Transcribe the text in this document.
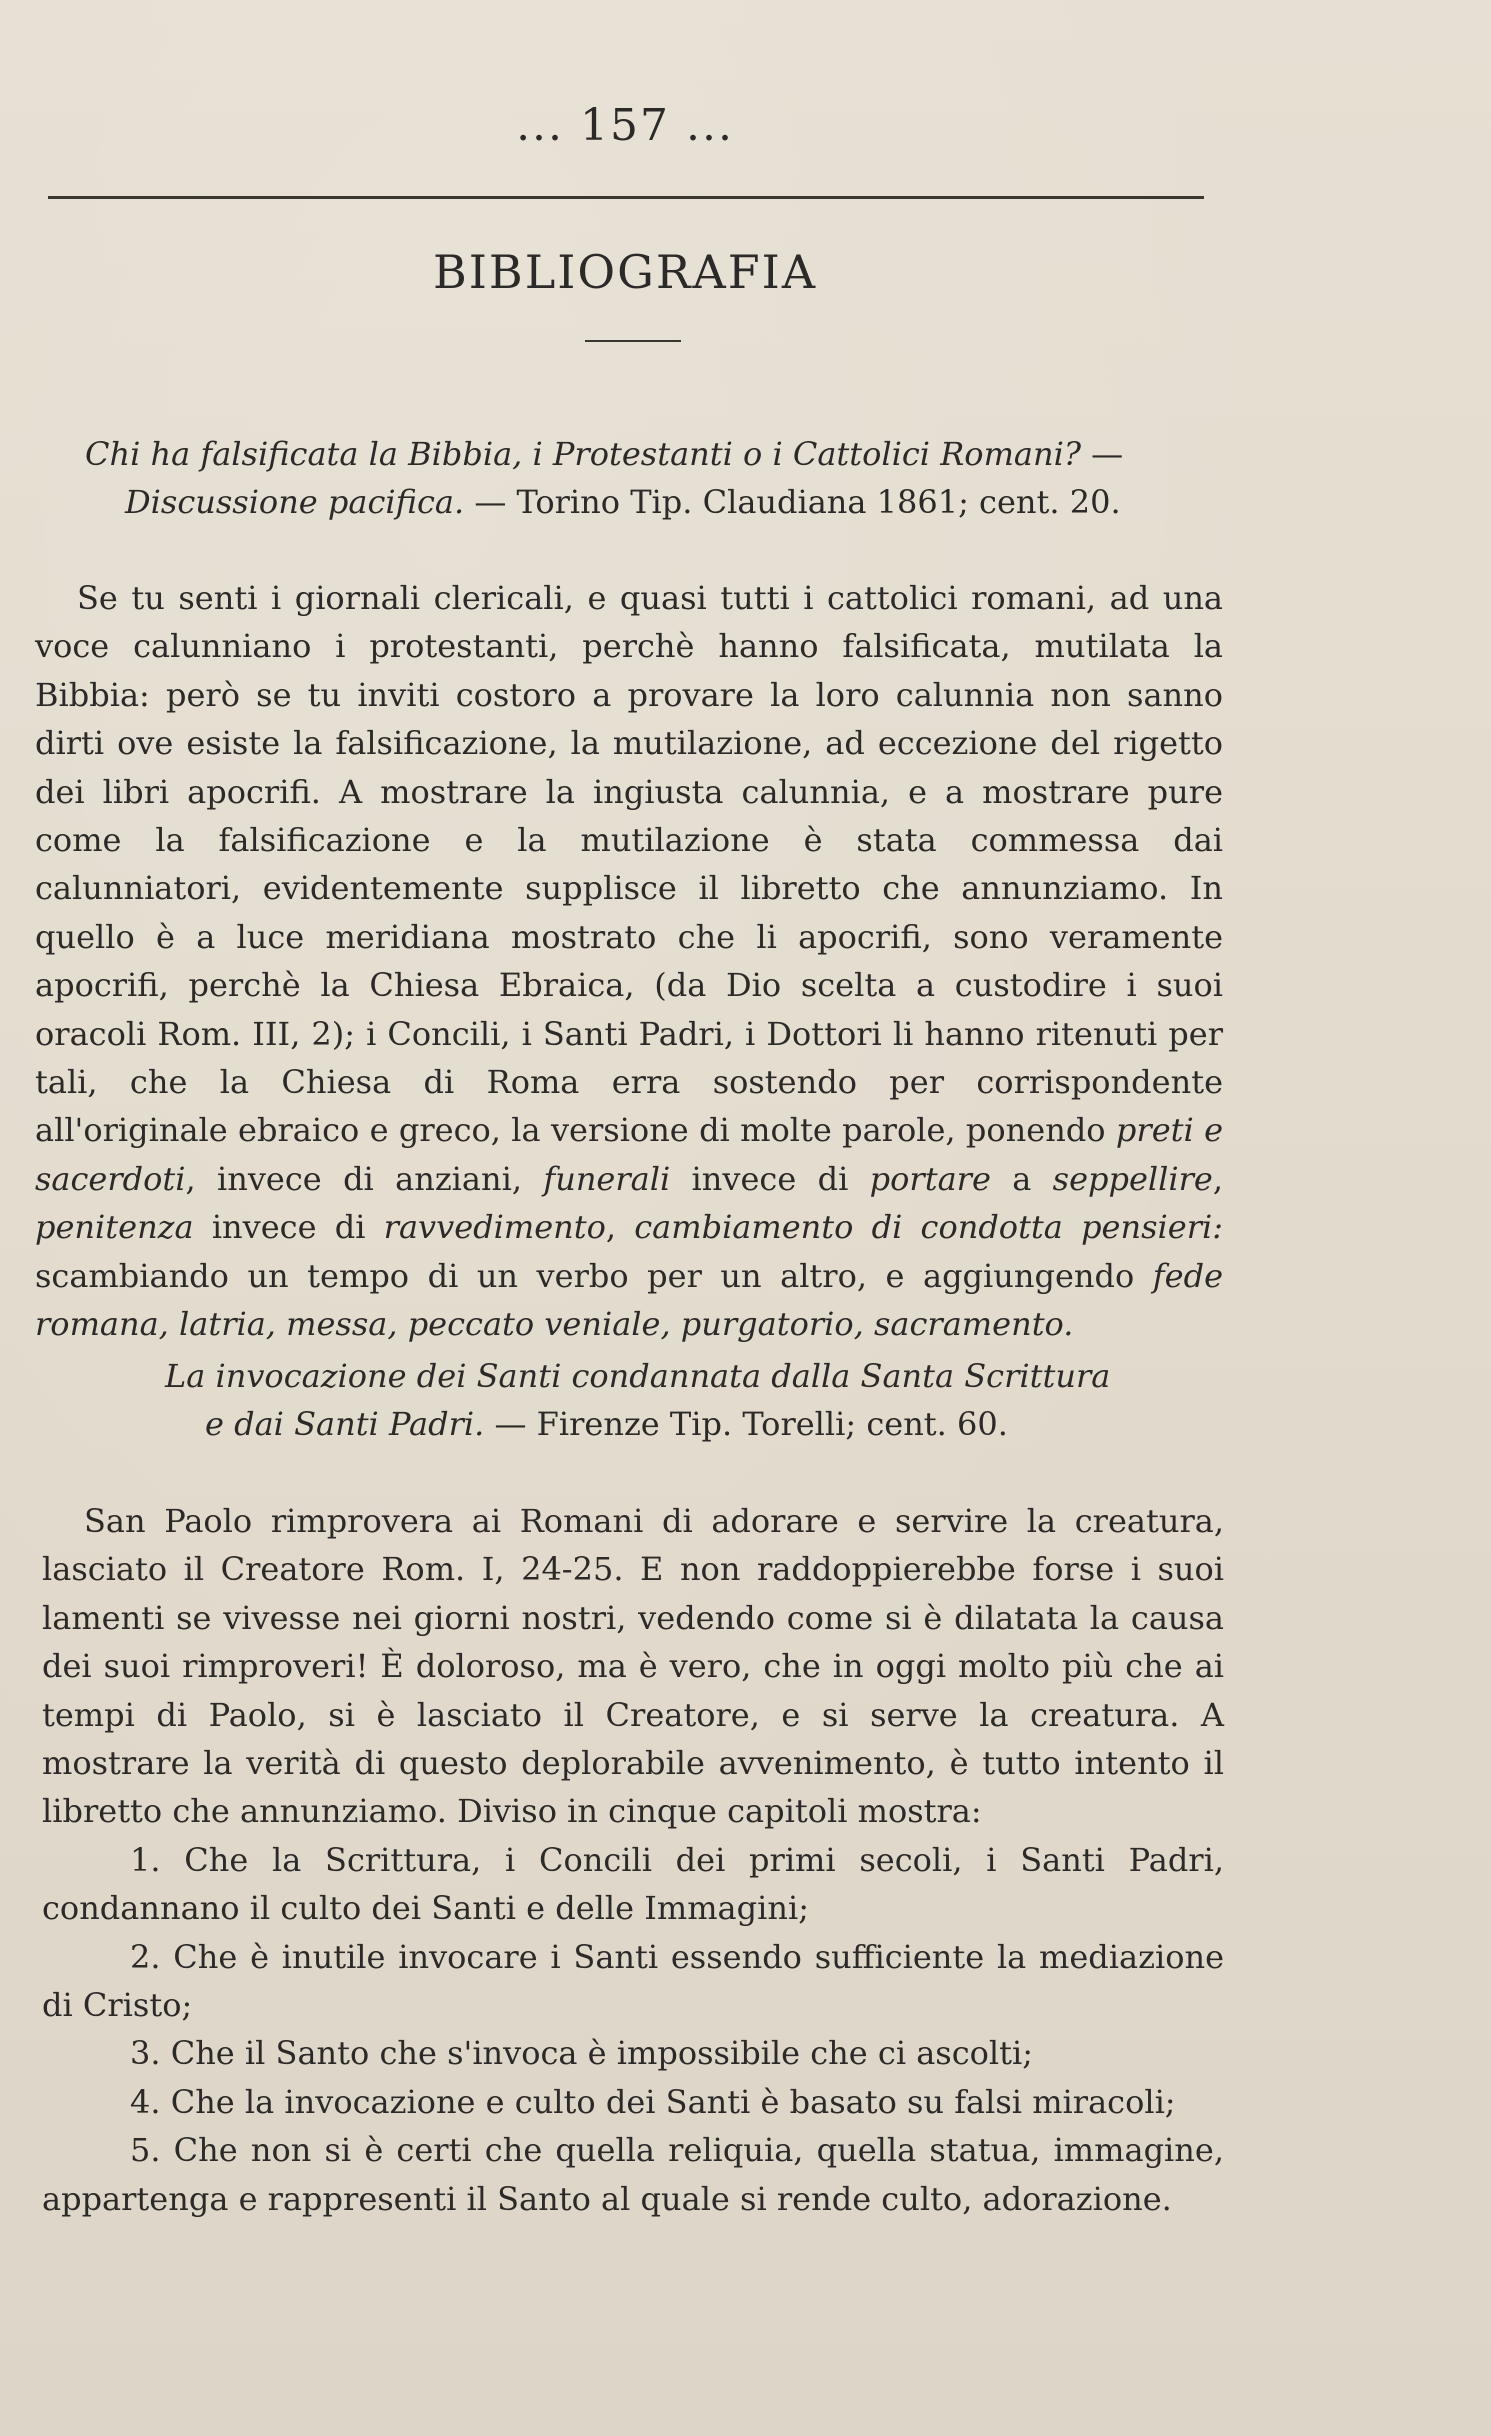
... 157 ...
BIBLIOGRAFIA
Chi ha falsificata la Bibbia, i Protestanti o i Cattolici Romani? —
Discussione pacifica. — Torino Tip. Claudiana 1861; cent. 20.

Se tu senti i giornali clericali, e quasi tutti i cattolici romani, ad una voce calunniano i protestanti, perchè hanno falsificata, mutilata la Bibbia: però se tu inviti costoro a provare la loro calunnia non sanno dirti ove esiste la falsificazione, la mutilazione, ad eccezione del rigetto dei libri apocrifi. A mostrare la ingiusta calunnia, e a mostrare pure come la falsificazione e la mutilazione è stata commessa dai calunniatori, evidentemente supplisce il libretto che annunziamo. In quello è a luce meridiana mostrato che li apocrifi, sono veramente apocrifi, perchè la Chiesa Ebraica, (da Dio scelta a custodire i suoi oracoli Rom. III, 2); i Concili, i Santi Padri, i Dottori li hanno ritenuti per tali, che la Chiesa di Roma erra sostendo per corrispondente all'originale ebraico e greco, la versione di molte parole, ponendo preti e sacerdoti, invece di anziani, funerali invece di portare a seppellire, penitenza invece di ravvedimento, cambiamento di condotta pensieri: scambiando un tempo di un verbo per un altro, e aggiungendo fede romana, latria, messa, peccato veniale, purgatorio, sacramento.

La invocazione dei Santi condannata dalla Santa Scrittura
e dai Santi Padri. — Firenze Tip. Torelli; cent. 60.

San Paolo rimprovera ai Romani di adorare e servire la creatura, lasciato il Creatore Rom. I, 24-25. E non raddoppierebbe forse i suoi lamenti se vivesse nei giorni nostri, vedendo come si è dilatata la causa dei suoi rimproveri! È doloroso, ma è vero, che in oggi molto più che ai tempi di Paolo, si è lasciato il Creatore, e si serve la creatura. A mostrare la verità di questo deplorabile avvenimento, è tutto intento il libretto che annunziamo. Diviso in cinque capitoli mostra:

1. Che la Scrittura, i Concili dei primi secoli, i Santi Padri, condannano il culto dei Santi e delle Immagini;

2. Che è inutile invocare i Santi essendo sufficiente la mediazione di Cristo;

3. Che il Santo che s'invoca è impossibile che ci ascolti;

4. Che la invocazione e culto dei Santi è basato su falsi miracoli;

5. Che non si è certi che quella reliquia, quella statua, immagine, appartenga e rappresenti il Santo al quale si rende culto, adorazione.
